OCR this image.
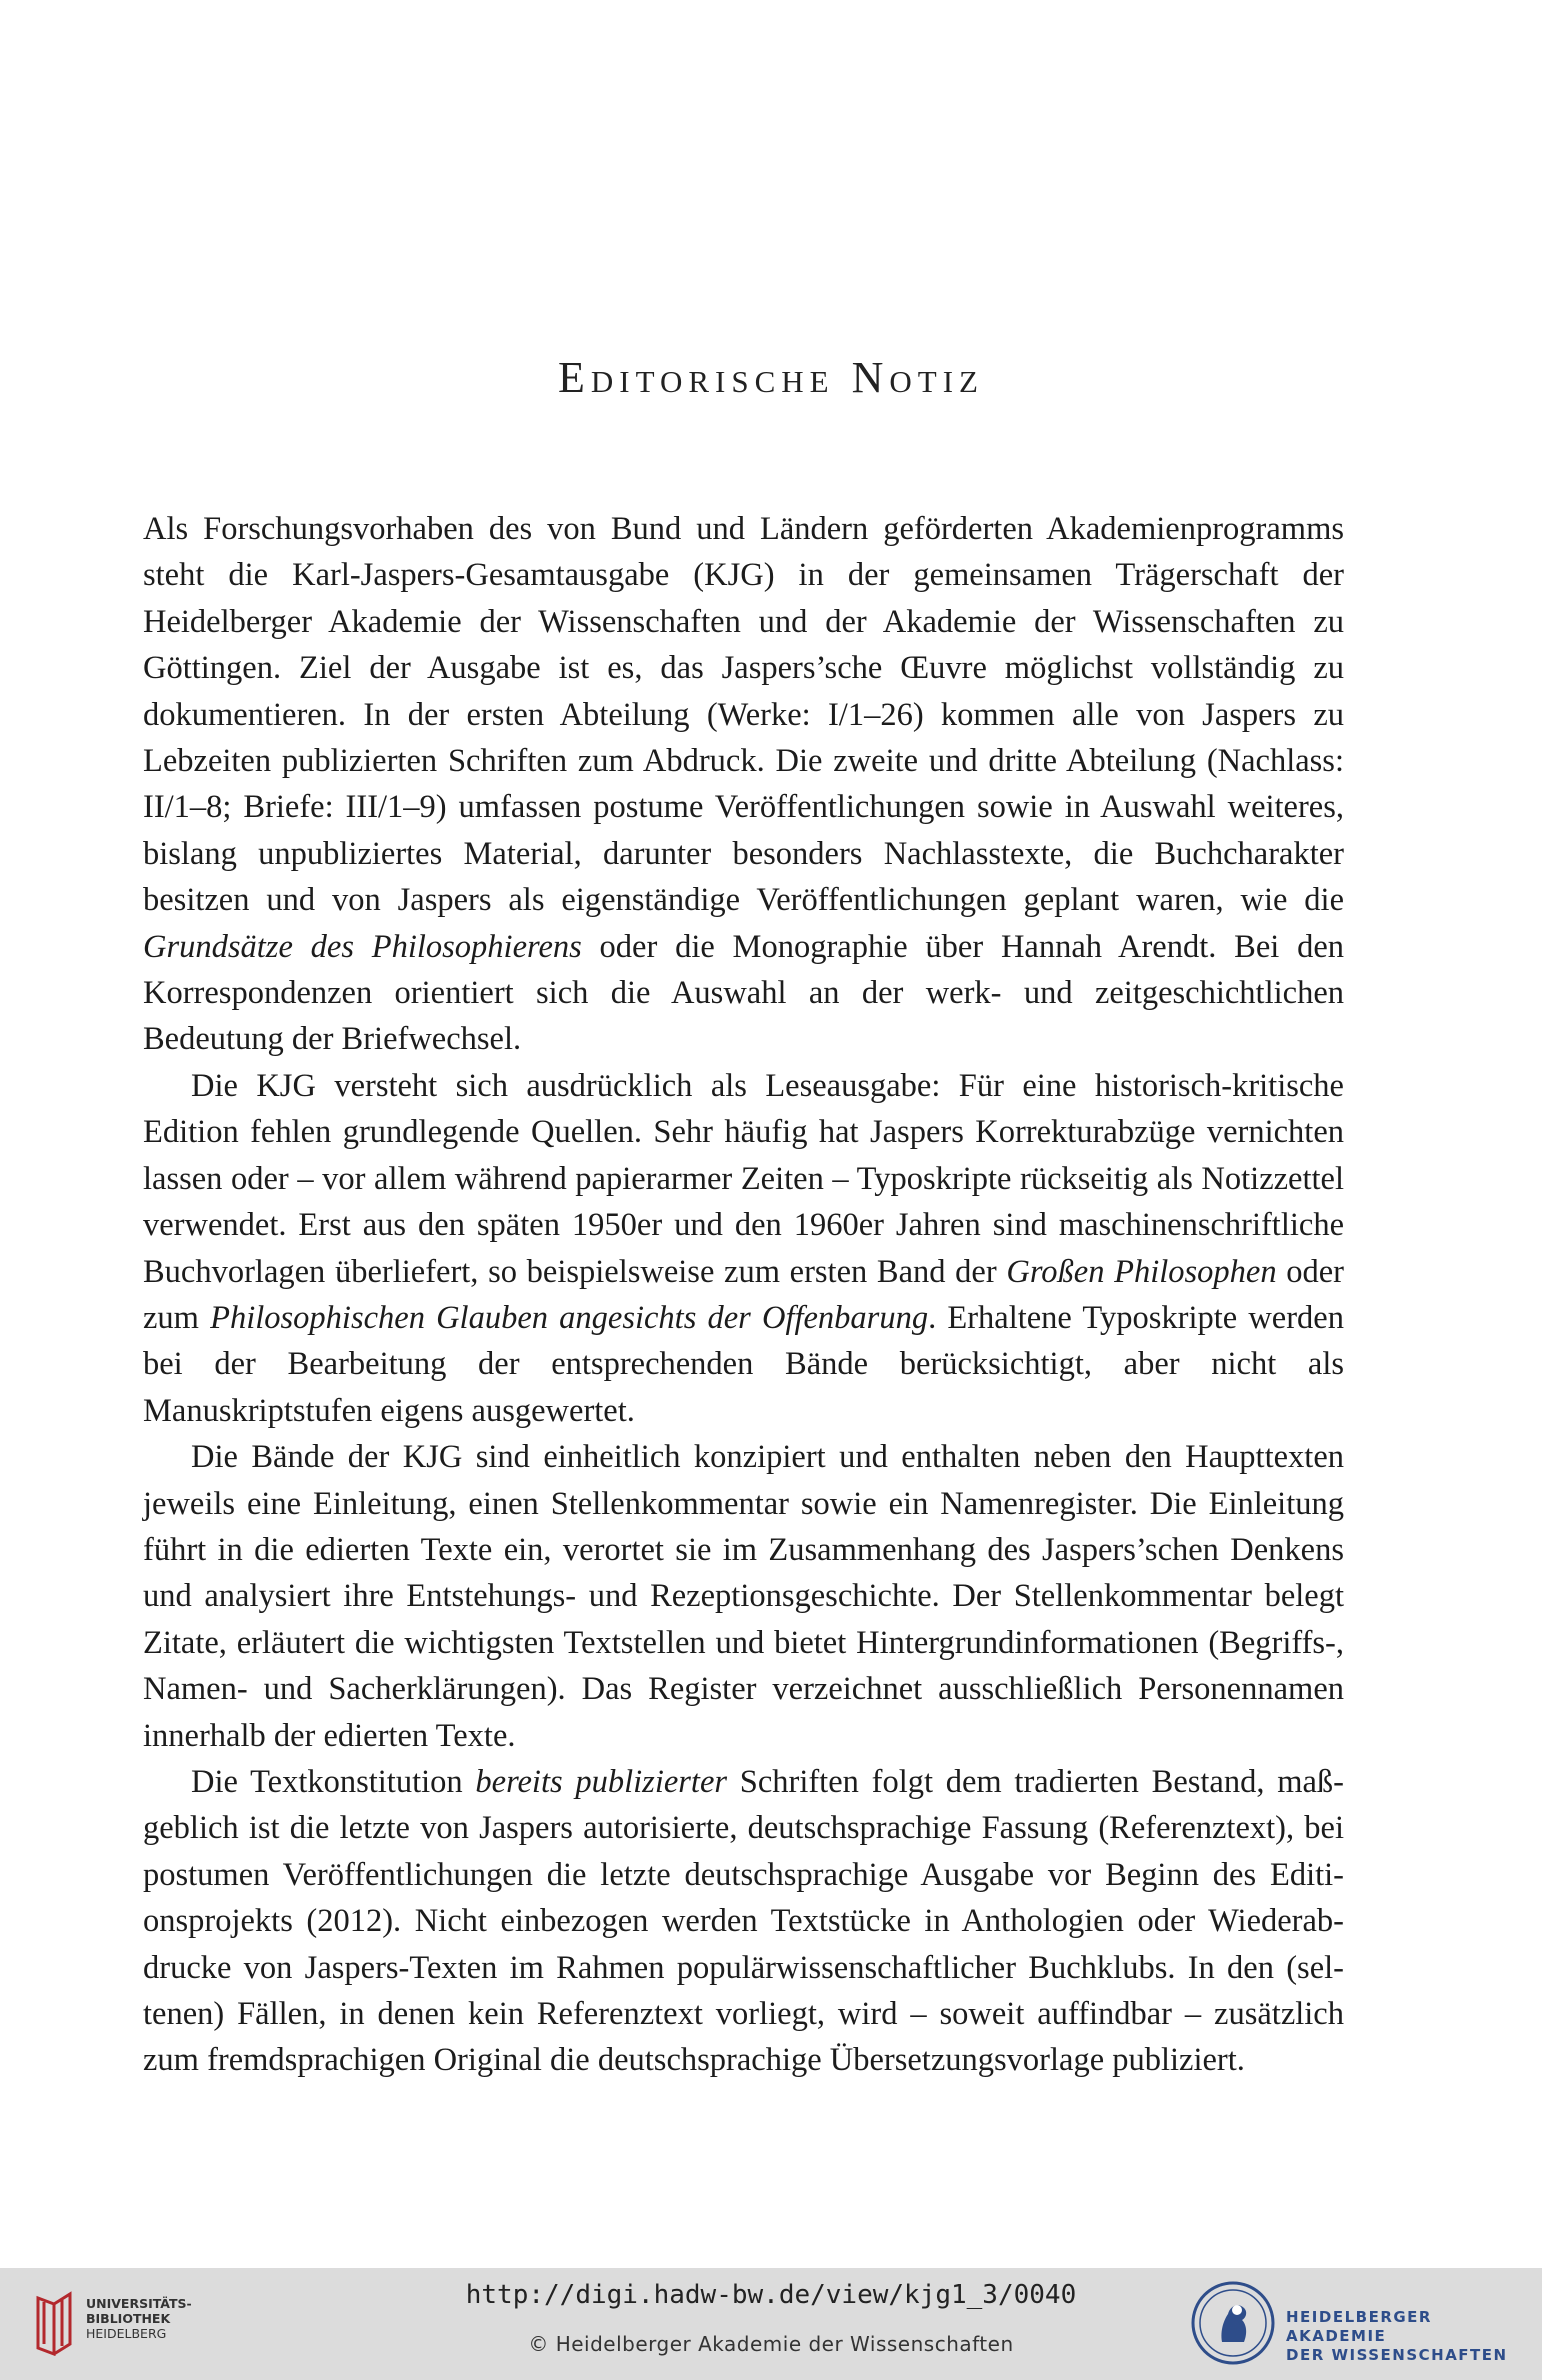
Editorische Notiz

Als Forschungsvorhaben des von Bund und Ländern geförderten Akademienprogramms steht die Karl-Jaspers-Gesamtausgabe (KJG) in der gemeinsamen Trägerschaft der Heidelberger Akademie der Wissenschaften und der Akademie der Wissenschaften zu Göttingen. Ziel der Ausgabe ist es, das Jaspers’sche Œuvre möglichst vollständig zu dokumentieren. In der ersten Abteilung (Werke: I/1–26) kommen alle von Jaspers zu Lebzeiten publizierten Schriften zum Abdruck. Die zweite und dritte Abteilung (Nachlass: II/1–8; Briefe: III/1–9) umfassen postume Veröffentlichungen sowie in Auswahl weiteres, bislang unpubliziertes Material, darunter besonders Nachlasstexte, die Buchcharakter besitzen und von Jaspers als eigenständige Veröffentlichungen geplant waren, wie die Grundsätze des Philosophierens oder die Monographie über Hannah Arendt. Bei den Korrespondenzen orientiert sich die Auswahl an der werk- und zeitgeschichtlichen Bedeutung der Briefwechsel.

Die KJG versteht sich ausdrücklich als Leseausgabe: Für eine historisch-kritische Edition fehlen grundlegende Quellen. Sehr häufig hat Jaspers Korrekturabzüge vernichten lassen oder – vor allem während papierarmer Zeiten – Typoskripte rückseitig als Notizzettel verwendet. Erst aus den späten 1950er und den 1960er Jahren sind maschinenschriftliche Buchvorlagen überliefert, so beispielsweise zum ersten Band der Großen Philosophen oder zum Philosophischen Glauben angesichts der Offenbarung. Erhaltene Typoskripte werden bei der Bearbeitung der entsprechenden Bände berücksichtigt, aber nicht als Manuskriptstufen eigens ausgewertet.

Die Bände der KJG sind einheitlich konzipiert und enthalten neben den Haupttexten jeweils eine Einleitung, einen Stellenkommentar sowie ein Namenregister. Die Einleitung führt in die edierten Texte ein, verortet sie im Zusammenhang des Jaspers’schen Denkens und analysiert ihre Entstehungs- und Rezeptionsgeschichte. Der Stellenkommentar belegt Zitate, erläutert die wichtigsten Textstellen und bietet Hintergrundinformationen (Begriffs-, Namen- und Sacherklärungen). Das Register verzeichnet ausschließlich Personennamen innerhalb der edierten Texte.

Die Textkonstitution bereits publizierter Schriften folgt dem tradierten Bestand, maßgeblich ist die letzte von Jaspers autorisierte, deutschsprachige Fassung (Referenztext), bei postumen Veröffentlichungen die letzte deutschsprachige Ausgabe vor Beginn des Editionsprojekts (2012). Nicht einbezogen werden Textstücke in Anthologien oder Wiederabdrucke von Jaspers-Texten im Rahmen populärwissenschaftlicher Buchklubs. In den (seltenen) Fällen, in denen kein Referenztext vorliegt, wird – soweit auffindbar – zusätzlich zum fremdsprachigen Original die deutschsprachige Übersetzungsvorlage publiziert.

UNIVERSITÄTS-
BIBLIOTHEK
HEIDELBERG
http://digi.hadw-bw.de/view/kjg1_3/0040
© Heidelberger Akademie der Wissenschaften
HEIDELBERGER AKADEMIE
DER WISSENSCHAFTEN
